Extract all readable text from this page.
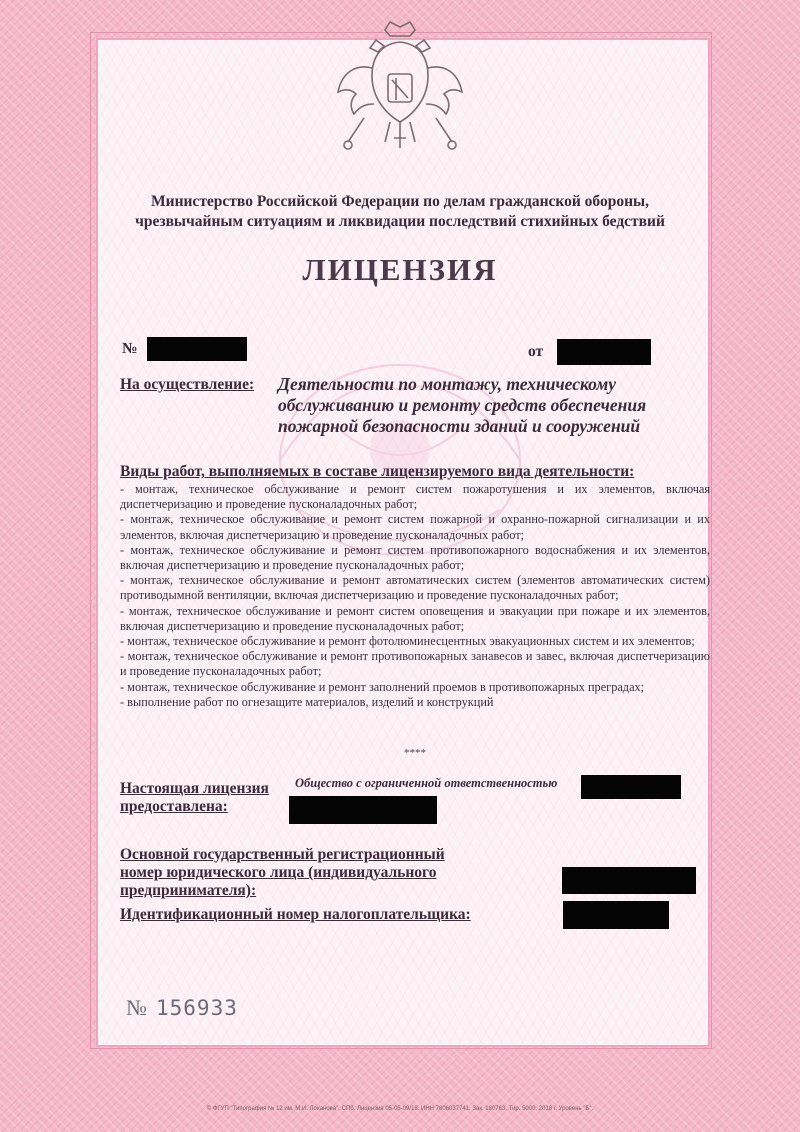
Министерство Российской Федерации по делам гражданской обороны,
чрезвычайным ситуациям и ликвидации последствий стихийных бедствий
ЛИЦЕНЗИЯ
№	от
На осуществление: Деятельности по монтажу, техническому обслуживанию и ремонту средств обеспечения пожарной безопасности зданий и сооружений
Виды работ, выполняемых в составе лицензируемого вида деятельности:
- монтаж, техническое обслуживание и ремонт систем пожаротушения и их элементов, включая диспетчеризацию и проведение пусконаладочных работ;
- монтаж, техническое обслуживание и ремонт систем пожарной и охранно-пожарной сигнализации и их элементов, включая диспетчеризацию и проведение пусконаладочных работ;
- монтаж, техническое обслуживание и ремонт систем противопожарного водоснабжения и их элементов, включая диспетчеризацию и проведение пусконаладочных работ;
- монтаж, техническое обслуживание и ремонт автоматических систем (элементов автоматических систем) противодымной вентиляции, включая диспетчеризацию и проведение пусконаладочных работ;
- монтаж, техническое обслуживание и ремонт систем оповещения и эвакуации при пожаре и их элементов, включая диспетчеризацию и проведение пусконаладочных работ;
- монтаж, техническое обслуживание и ремонт фотолюминесцентных эвакуационных систем и их элементов;
- монтаж, техническое обслуживание и ремонт противопожарных занавесов и завес, включая диспетчеризацию и проведение пусконаладочных работ;
- монтаж, техническое обслуживание и ремонт заполнений проемов в противопожарных преградах;
- выполнение работ по огнезащите материалов, изделий и конструкций
****
Настоящая лицензия
предоставлена:
Общество с ограниченной ответственностью
Основной государственный регистрационный
номер юридического лица (индивидуального
предпринимателя):
Идентификационный номер налогоплательщика:
№ 156933
© ФГУП "Типография № 12 им. М.И. Лоханова". СПб. Лицензия 05-05-09/18. ИНН 7806037741. Зак. 180763. Тир. 5000. 2018 г. Уровень "Б".
